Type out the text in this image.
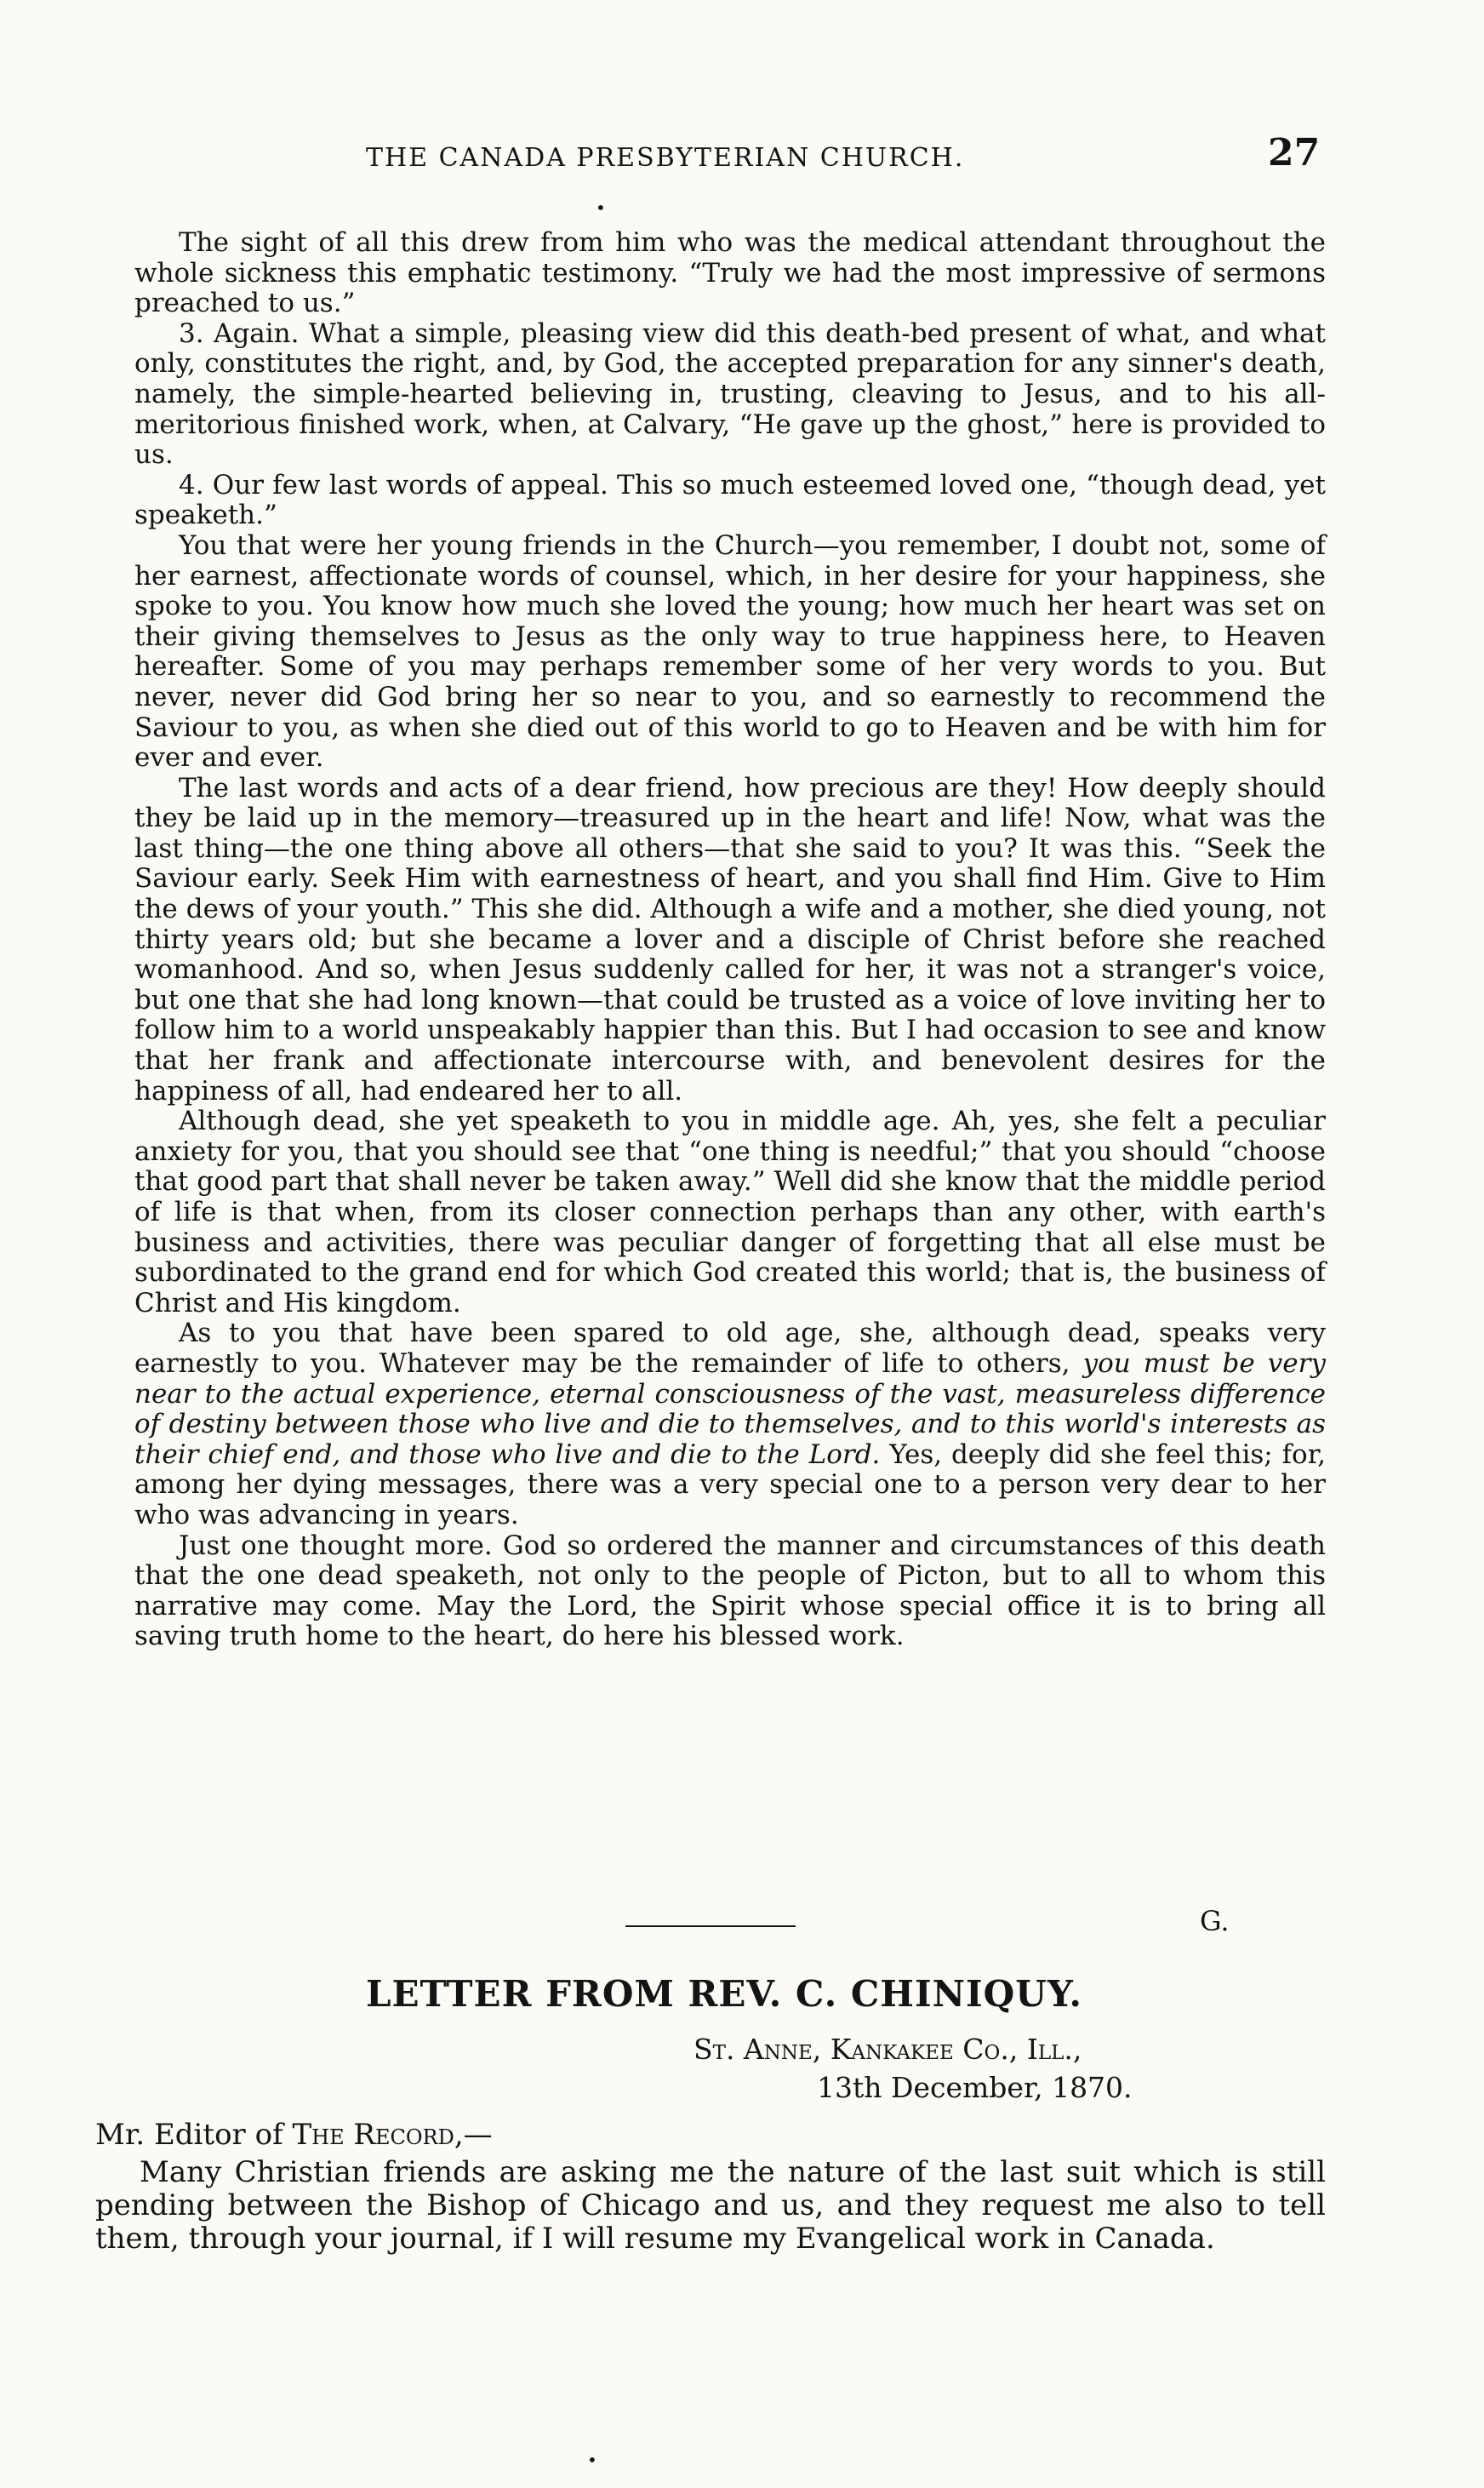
THE CANADA PRESBYTERIAN CHURCH.	27
•

The sight of all this drew from him who was the medical attendant throughout the whole sickness this emphatic testimony. “Truly we had the most impressive of sermons preached to us.”

3. Again. What a simple, pleasing view did this death-bed present of what, and what only, constitutes the right, and, by God, the accepted preparation for any sinner's death, namely, the simple-hearted believing in, trusting, cleaving to Jesus, and to his all-meritorious finished work, when, at Calvary, “He gave up the ghost,” here is provided to us.

4. Our few last words of appeal. This so much esteemed loved one, “though dead, yet speaketh.”

You that were her young friends in the Church—you remember, I doubt not, some of her earnest, affectionate words of counsel, which, in her desire for your happiness, she spoke to you. You know how much she loved the young; how much her heart was set on their giving themselves to Jesus as the only way to true happiness here, to Heaven hereafter. Some of you may perhaps remember some of her very words to you. But never, never did God bring her so near to you, and so earnestly to recommend the Saviour to you, as when she died out of this world to go to Heaven and be with him for ever and ever.

The last words and acts of a dear friend, how precious are they! How deeply should they be laid up in the memory—treasured up in the heart and life! Now, what was the last thing—the one thing above all others—that she said to you? It was this. “Seek the Saviour early. Seek Him with earnestness of heart, and you shall find Him. Give to Him the dews of your youth.” This she did. Although a wife and a mother, she died young, not thirty years old; but she became a lover and a disciple of Christ before she reached womanhood. And so, when Jesus suddenly called for her, it was not a stranger's voice, but one that she had long known—that could be trusted as a voice of love inviting her to follow him to a world unspeakably happier than this. But I had occasion to see and know that her frank and affectionate intercourse with, and benevolent desires for the happiness of all, had endeared her to all.

Although dead, she yet speaketh to you in middle age. Ah, yes, she felt a peculiar anxiety for you, that you should see that “one thing is needful;” that you should “choose that good part that shall never be taken away.” Well did she know that the middle period of life is that when, from its closer connection perhaps than any other, with earth's business and activities, there was peculiar danger of forgetting that all else must be subordinated to the grand end for which God created this world; that is, the business of Christ and His kingdom.

As to you that have been spared to old age, she, although dead, speaks very earnestly to you. Whatever may be the remainder of life to others, you must be very near to the actual experience, eternal consciousness of the vast, measureless difference of destiny between those who live and die to themselves, and to this world's interests as their chief end, and those who live and die to the Lord. Yes, deeply did she feel this; for, among her dying messages, there was a very special one to a person very dear to her who was advancing in years.

Just one thought more. God so ordered the manner and circumstances of this death that the one dead speaketh, not only to the people of Picton, but to all to whom this narrative may come. May the Lord, the Spirit whose special office it is to bring all saving truth home to the heart, do here his blessed work.

G.
LETTER FROM REV. C. CHINIQUY.
St. Anne, Kankakee Co., Ill.,
13th December, 1870.
Mr. Editor of The Record,—

Many Christian friends are asking me the nature of the last suit which is still pending between the Bishop of Chicago and us, and they request me also to tell them, through your journal, if I will resume my Evangelical work in Canada.

•
